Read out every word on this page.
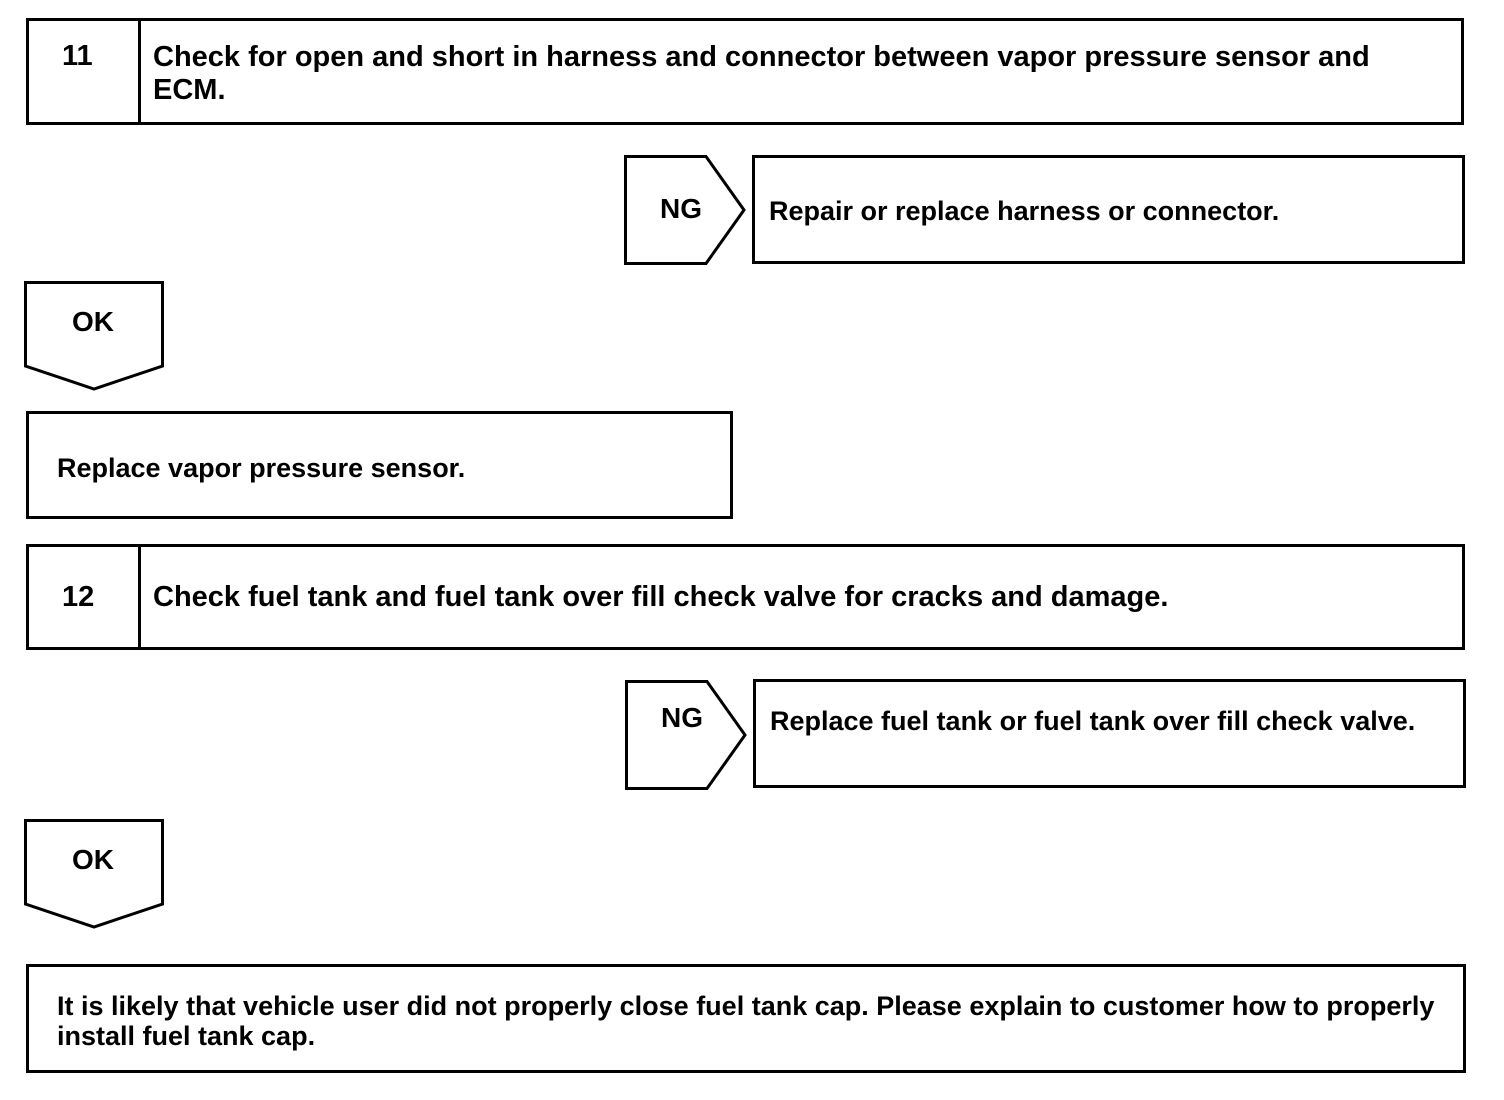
11 Check for open and short in harness and connector between vapor pressure sensor and ECM.
NG	Repair or replace harness or connector.
OK
Replace vapor pressure sensor.
12 Check fuel tank and fuel tank over fill check valve for cracks and damage.
NG	Replace fuel tank or fuel tank over fill check valve.
OK
It is likely that vehicle user did not properly close fuel tank cap. Please explain to customer how to properly install fuel tank cap.
